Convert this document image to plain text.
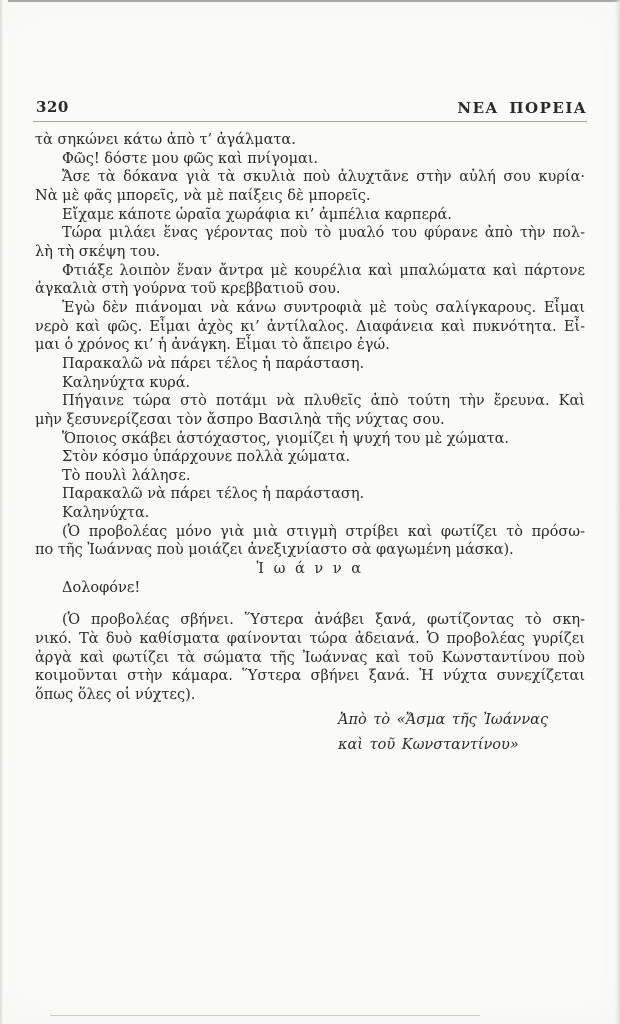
320	ΝΕΑ ΠΟΡΕΙΑ
τὰ σηκώνει κάτω ἀπὸ τ’ ἀγάλματα.
Φῶς! δόστε μου φῶς καὶ πνίγομαι.
Ἄσε τὰ δόκανα γιὰ τὰ σκυλιὰ ποὺ ἀλυχτᾶνε στὴν αὐλή σου κυρία·
Νὰ μὲ φᾶς μπορεῖς, νὰ μὲ παίξεις δὲ μπορεῖς.
Εἴχαμε κάποτε ὡραῖα χωράφια κι’ ἀμπέλια καρπερά.
Τώρα μιλάει ἕνας γέροντας ποὺ τὸ μυαλό του φύρανε ἀπὸ τὴν πολ-
λὴ τὴ σκέψη του.
Φτιάξε λοιπὸν ἕναν ἄντρα μὲ κουρέλια καὶ μπαλώματα καὶ πάρτονε
ἀγκαλιὰ στὴ γούρνα τοῦ κρεββατιοῦ σου.
Ἐγὼ δὲν πιάνομαι νὰ κάνω συντροφιὰ μὲ τοὺς σαλίγκαρους. Εἶμαι
νερὸ καὶ φῶς. Εἶμαι ἀχὸς κι’ ἀντίλαλος. Διαφάνεια καὶ πυκνότητα. Εἶ-
μαι ὁ χρόνος κι’ ἡ ἀνάγκη. Εἶμαι τὸ ἄπειρο ἐγώ.
Παρακαλῶ νὰ πάρει τέλος ἡ παράσταση.
Καληνύχτα κυρά.
Πήγαινε τώρα στὸ ποτάμι νὰ πλυθεῖς ἀπὸ τούτη τὴν ἔρευνα. Καὶ
μὴν ξεσυνερίζεσαι τὸν ἄσπρο Βασιληὰ τῆς νύχτας σου.
Ὅποιος σκάβει ἀστόχαστος, γιομίζει ἡ ψυχή του μὲ χώματα.
Στὸν κόσμο ὑπάρχουνε πολλὰ χώματα.
Τὸ πουλὶ λάλησε.
Παρακαλῶ νὰ πάρει τέλος ἡ παράσταση.
Καληνύχτα.
(Ὁ προβολέας μόνο γιὰ μιὰ στιγμὴ στρίβει καὶ φωτίζει τὸ πρόσω-
πο τῆς Ἰωάννας ποὺ μοιάζει ἀνεξιχνίαστο σὰ φαγωμένη μάσκα).
Ἰ ω ά ν ν α
Δολοφόνε!
(Ὁ προβολέας σβήνει. Ὕστερα ἀνάβει ξανά, φωτίζοντας τὸ σκη-
νικό. Τὰ δυὸ καθίσματα φαίνονται τώρα ἀδειανά. Ὁ προβολέας γυρίζει
ἀργὰ καὶ φωτίζει τὰ σώματα τῆς Ἰωάννας καὶ τοῦ Κωνσταντίνου ποὺ
κοιμοῦνται στὴν κάμαρα. Ὕστερα σβήνει ξανά. Ἡ νύχτα συνεχίζεται
ὅπως ὅλες οἱ νύχτες).
Ἀπὸ τὸ «Ἄσμα τῆς Ἰωάννας
καὶ τοῦ Κωνσταντίνου»
